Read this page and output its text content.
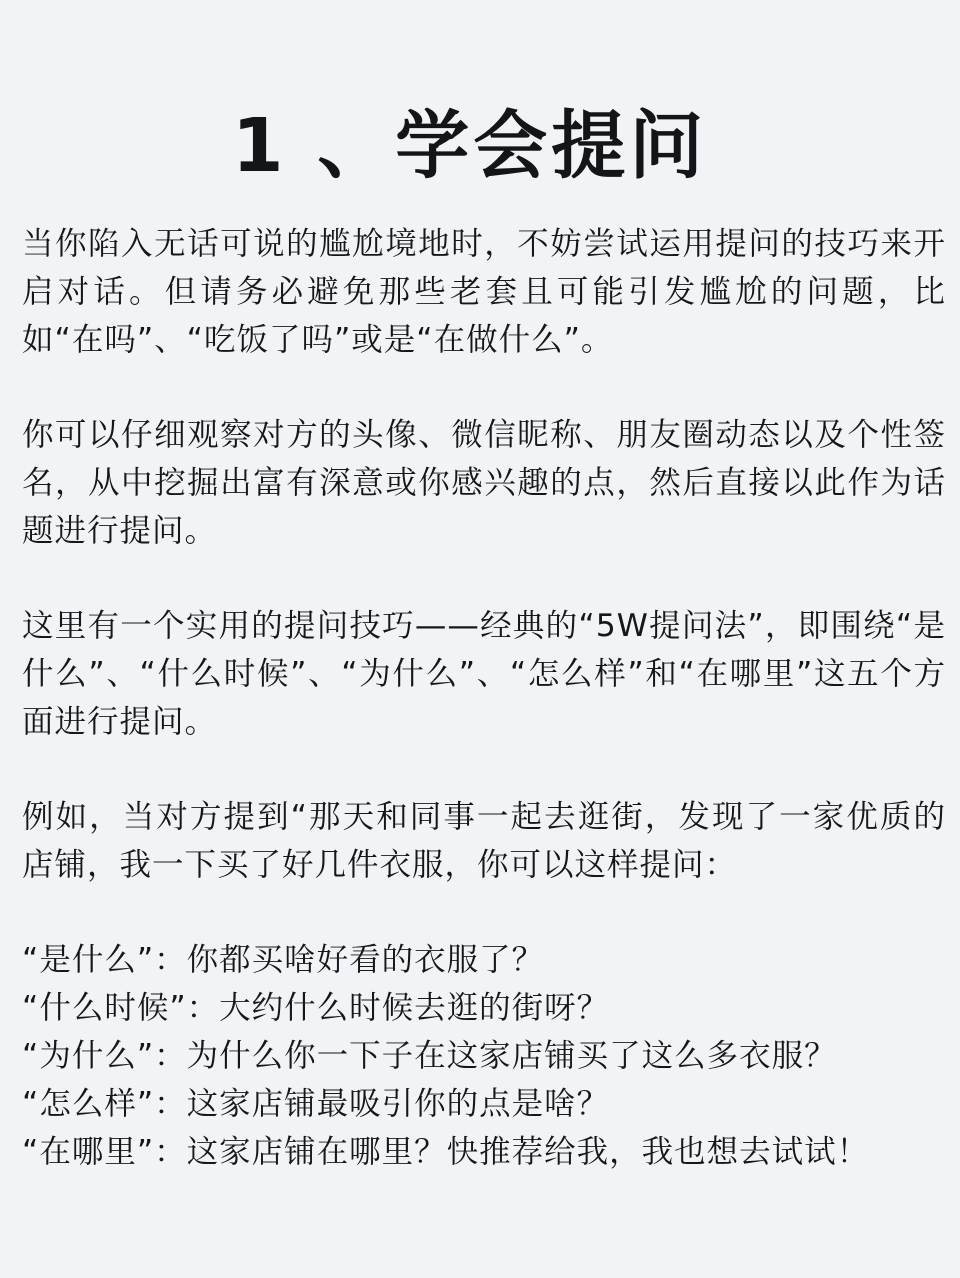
1 、学会提问

当你陷入无话可说的尴尬境地时，不妨尝试运用提问的技巧来开启对话。但请务必避免那些老套且可能引发尴尬的问题，比如“在吗”、“吃饭了吗”或是“在做什么”。

你可以仔细观察对方的头像、微信昵称、朋友圈动态以及个性签名，从中挖掘出富有深意或你感兴趣的点，然后直接以此作为话题进行提问。

这里有一个实用的提问技巧——经典的“5W提问法”，即围绕“是什么”、“什么时候”、“为什么”、“怎么样”和“在哪里”这五个方面进行提问。

例如，当对方提到“那天和同事一起去逛街，发现了一家优质的店铺，我一下买了好几件衣服，你可以这样提问：

“是什么”：你都买啥好看的衣服了？
“什么时候”：大约什么时候去逛的街呀？
“为什么”：为什么你一下子在这家店铺买了这么多衣服？
“怎么样”：这家店铺最吸引你的点是啥？
“在哪里”：这家店铺在哪里？快推荐给我，我也想去试试！
